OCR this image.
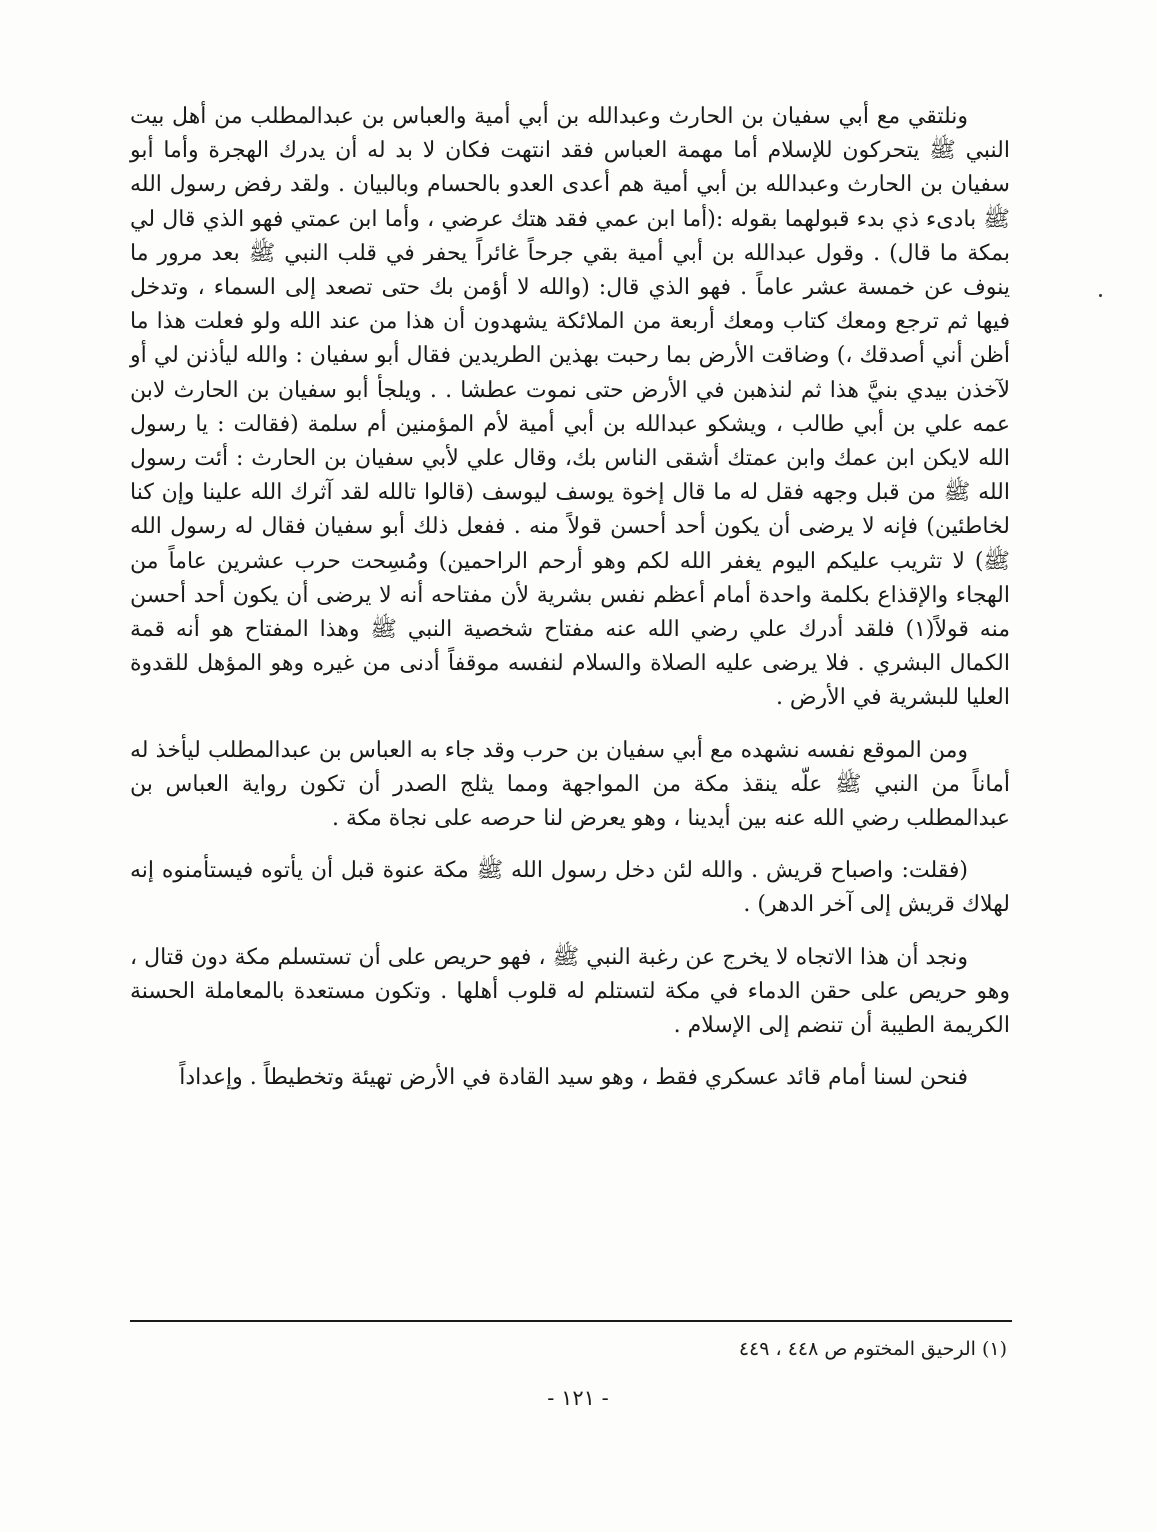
ونلتقي مع أبي سفيان بن الحارث وعبدالله بن أبي أمية والعباس بن عبدالمطلب من أهل بيت النبي ﷺ يتحركون للإسلام أما مهمة العباس فقد انتهت فكان لا بد له أن يدرك الهجرة وأما أبو سفيان بن الحارث وعبدالله بن أبي أمية هم أعدى العدو بالحسام وبالبيان . ولقد رفض رسول الله ﷺ بادىء ذي بدء قبولهما بقوله :(أما ابن عمي فقد هتك عرضي ، وأما ابن عمتي فهو الذي قال لي بمكة ما قال) . وقول عبدالله بن أبي أمية بقي جرحاً غائراً يحفر في قلب النبي ﷺ بعد مرور ما ينوف عن خمسة عشر عاماً . فهو الذي قال: (والله لا أؤمن بك حتى تصعد إلى السماء ، وتدخل فيها ثم ترجع ومعك كتاب ومعك أربعة من الملائكة يشهدون أن هذا من عند الله ولو فعلت هذا ما أظن أني أصدقك ،) وضاقت الأرض بما رحبت بهذين الطريدين فقال أبو سفيان : والله ليأذنن لي أو لآخذن بيدي بنيَّ هذا ثم لنذهبن في الأرض حتى نموت عطشا . . ويلجأ أبو سفيان بن الحارث لابن عمه علي بن أبي طالب ، ويشكو عبدالله بن أبي أمية لأم المؤمنين أم سلمة (فقالت : يا رسول الله لايكن ابن عمك وابن عمتك أشقى الناس بك، وقال علي لأبي سفيان بن الحارث : أئت رسول الله ﷺ من قبل وجهه فقل له ما قال إخوة يوسف ليوسف (قالوا تالله لقد آثرك الله علينا وإن كنا لخاطئين) فإنه لا يرضى أن يكون أحد أحسن قولاً منه . ففعل ذلك أبو سفيان فقال له رسول الله ﷺ) لا تثريب عليكم اليوم يغفر الله لكم وهو أرحم الراحمين) ومُسِحت حرب عشرين عاماً من الهجاء والإقذاع بكلمة واحدة أمام أعظم نفس بشرية لأن مفتاحه أنه لا يرضى أن يكون أحد أحسن منه قولاً(١) فلقد أدرك علي رضي الله عنه مفتاح شخصية النبي ﷺ وهذا المفتاح هو أنه قمة الكمال البشري . فلا يرضى عليه الصلاة والسلام لنفسه موقفاً أدنى من غيره وهو المؤهل للقدوة العليا للبشرية في الأرض .

ومن الموقع نفسه نشهده مع أبي سفيان بن حرب وقد جاء به العباس بن عبدالمطلب ليأخذ له أماناً من النبي ﷺ علّه ينقذ مكة من المواجهة ومما يثلج الصدر أن تكون رواية العباس بن عبدالمطلب رضي الله عنه بين أيدينا ، وهو يعرض لنا حرصه على نجاة مكة .

(فقلت: واصباح قريش . والله لئن دخل رسول الله ﷺ مكة عنوة قبل أن يأتوه فيستأمنوه إنه لهلاك قريش إلى آخر الدهر) .

ونجد أن هذا الاتجاه لا يخرج عن رغبة النبي ﷺ ، فهو حريص على أن تستسلم مكة دون قتال ، وهو حريص على حقن الدماء في مكة لتستلم له قلوب أهلها . وتكون مستعدة بالمعاملة الحسنة الكريمة الطيبة أن تنضم إلى الإسلام .

فنحن لسنا أمام قائد عسكري فقط ، وهو سيد القادة في الأرض تهيئة وتخطيطاً . وإعداداً

(١) الرحيق المختوم ص ٤٤٨ ، ٤٤٩
- ١٢١ -
